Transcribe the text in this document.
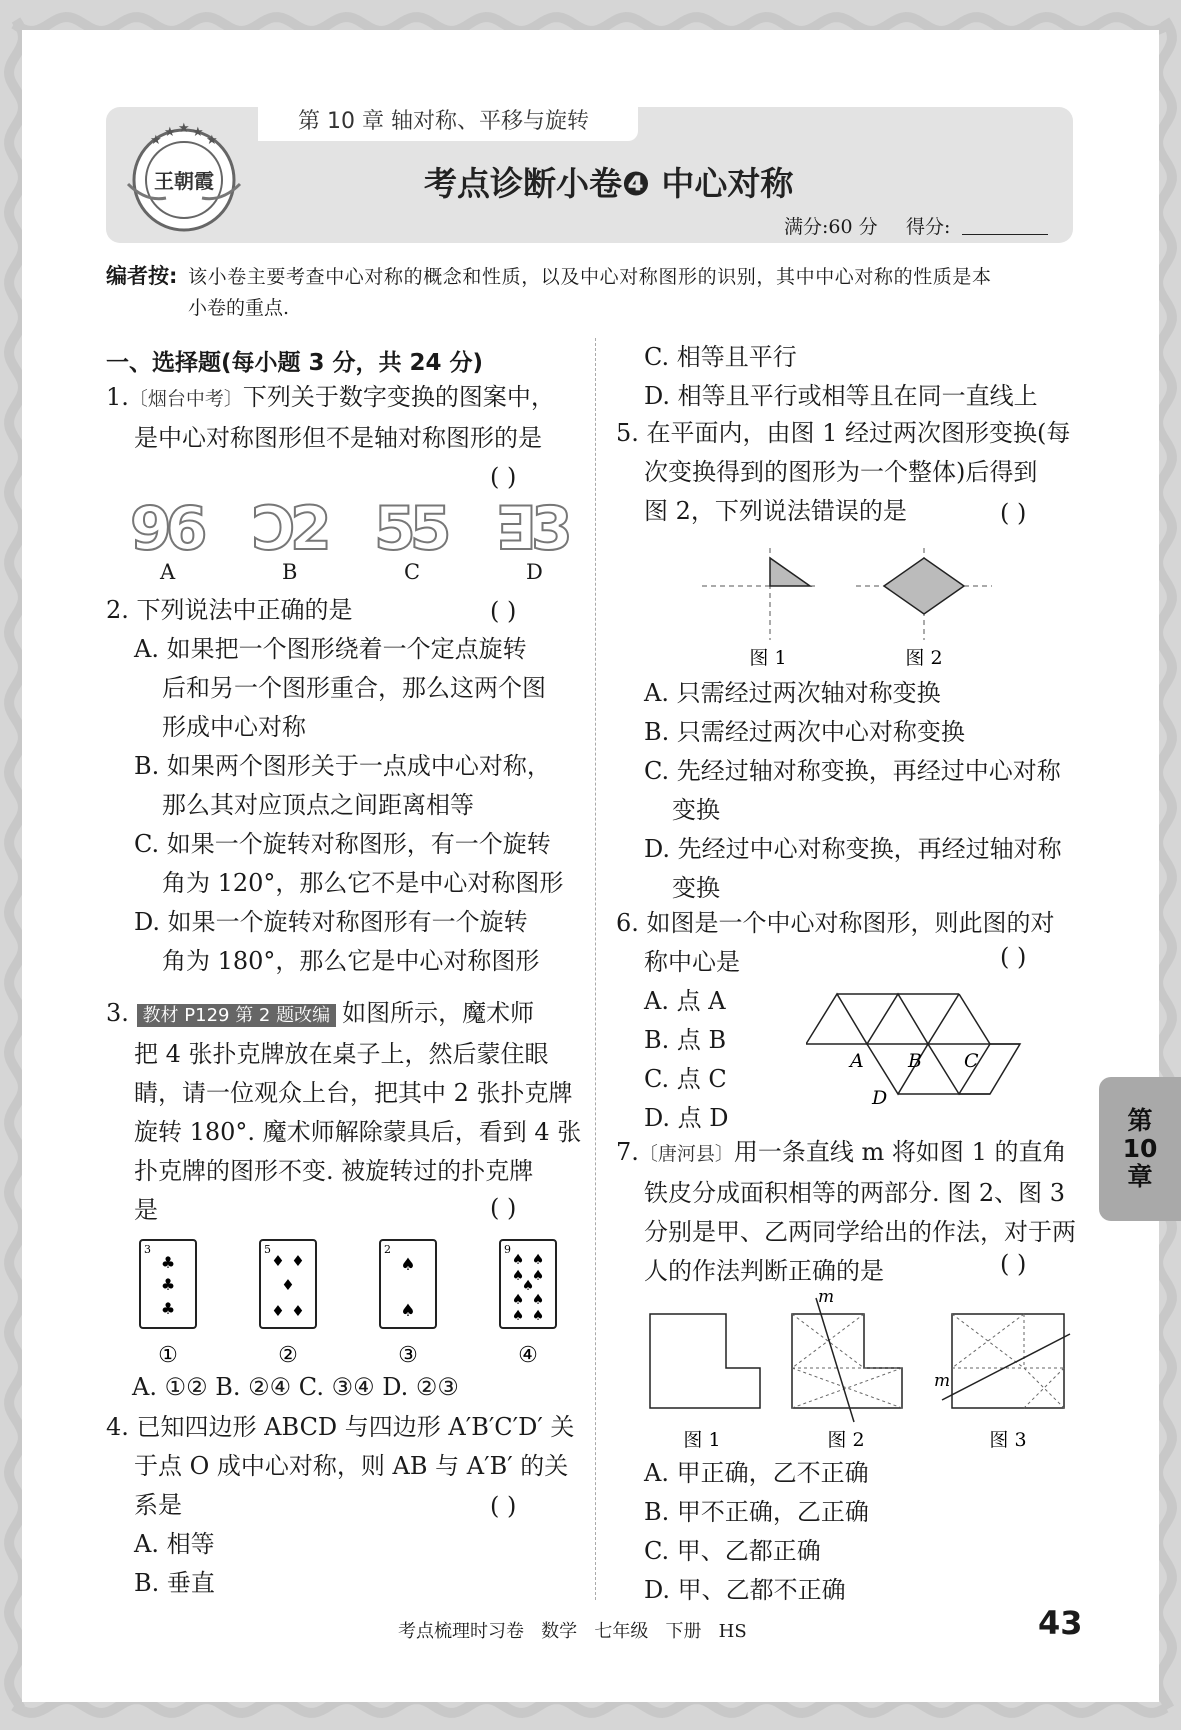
第 10 章 轴对称、平移与旋转
★
★ ★ ★
★
王朝霞	考点诊断小卷❹ 中心对称
满分:60 分 得分:
编者按: 该小卷主要考查中心对称的概念和性质，以及中心对称图形的识别，其中中心对称的性质是本
小卷的重点.
一、选择题(每小题 3 分，共 24 分)
1.〔烟台中考〕下列关于数字变换的图案中，
是中心对称图形但不是轴对称图形的是
( )
96 ꓛ2 55 ꓱ3
A	B	C	D
2. 下列说法中正确的是
A. 如果把一个图形绕着一个定点旋转
后和另一个图形重合，那么这两个图
形成中心对称
B. 如果两个图形关于一点成中心对称，
那么其对应顶点之间距离相等
C. 如果一个旋转对称图形，有一个旋转
角为 120°，那么它不是中心对称图形
D. 如果一个旋转对称图形有一个旋转
角为 180°，那么它是中心对称图形
( )
3. 教材 P129 第 2 题改编 如图所示，魔术师
把 4 张扑克牌放在桌子上，然后蒙住眼
睛，请一位观众上台，把其中 2 张扑克牌
旋转 180°. 魔术师解除蒙具后，看到 4 张
扑克牌的图形不变. 被旋转过的扑克牌
是	( )
3
♣
♣
♣
①
5
♦ ♦
♦
♦ ♦
②
2
♠
♠
③
9
♠ ♠
♠ ♠
♠
♠ ♠
♠ ♠
④
A. ①② B. ②④ C. ③④ D. ②③
4. 已知四边形 ABCD 与四边形 A′B′C′D′ 关
于点 O 成中心对称，则 AB 与 A′B′ 的关
系是
A. 相等
B. 垂直
( )
C. 相等且平行
D. 相等且平行或相等且在同一直线上
5. 在平面内，由图 1 经过两次图形变换(每
次变换得到的图形为一个整体)后得到
图 2，下列说法错误的是	( )
图 1	图 2
A. 只需经过两次轴对称变换
B. 只需经过两次中心对称变换
C. 先经过轴对称变换，再经过中心对称
变换
D. 先经过中心对称变换，再经过轴对称
变换
6. 如图是一个中心对称图形，则此图的对
称中心是
A. 点 A
B. 点 B
C. 点 C
D. 点 D
( )
A B C
D
7.〔唐河县〕用一条直线 m 将如图 1 的直角
铁皮分成面积相等的两部分. 图 2、图 3
分别是甲、乙两同学给出的作法，对于两
人的作法判断正确的是	( )
图 1
m
图 2
m
图 3
A. 甲正确，乙不正确
B. 甲不正确，乙正确
C. 甲、乙都正确
D. 甲、乙都不正确
第
10
章
考点梳理时习卷   数学   七年级   下册   HS	43
